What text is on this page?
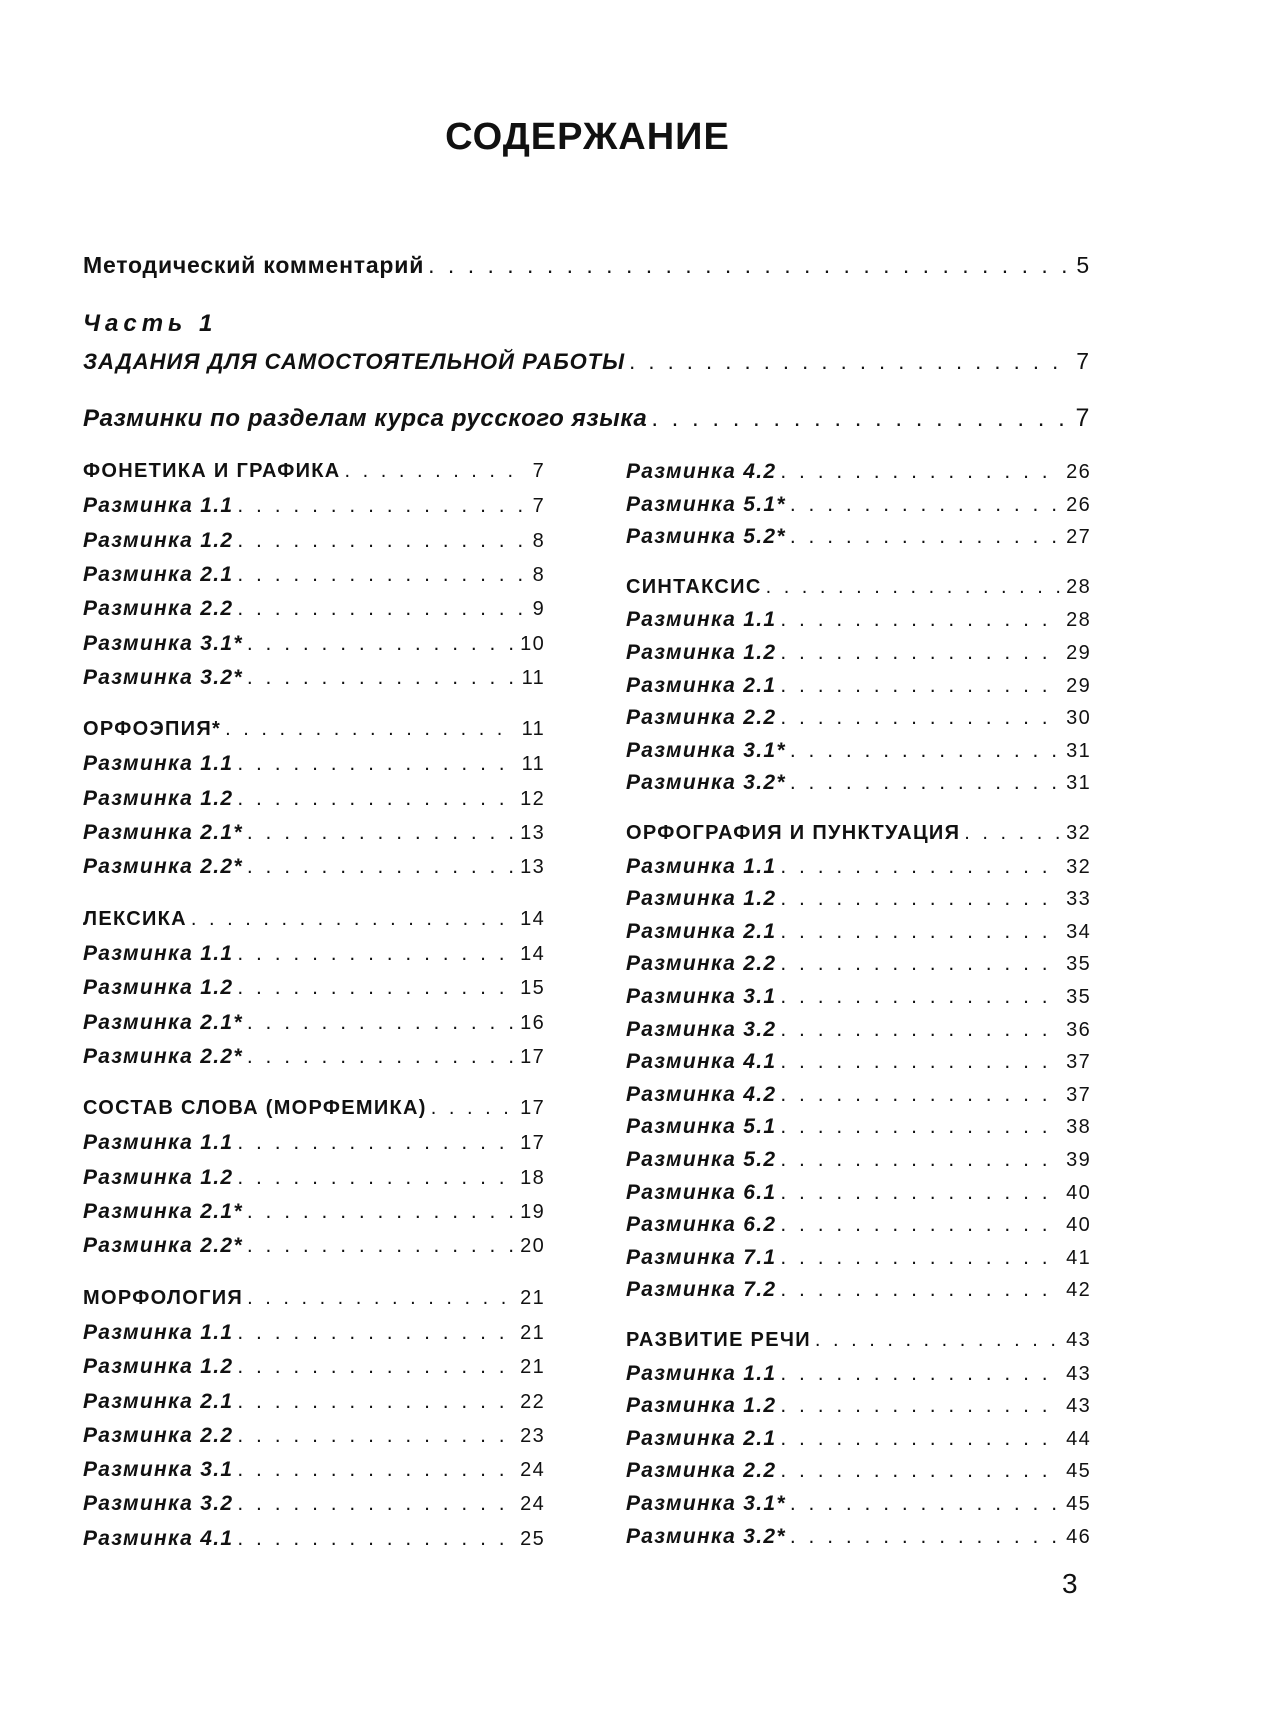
СОДЕРЖАНИЕ
Методический комментарий . . .	5
Часть 1
ЗАДАНИЯ ДЛЯ САМОСТОЯТЕЛЬНОЙ РАБОТЫ . . .	7
Разминки по разделам курса русского языка . . .	7
ФОНЕТИКА И ГРАФИКА . . .	7
Разминка 1.1 . . .	7
Разминка 1.2 . . .	8
Разминка 2.1 . . .	8
Разминка 2.2 . . .	9
Разминка 3.1* . . .	10
Разминка 3.2* . . .	11
ОРФОЭПИЯ* . . .	11
Разминка 1.1 . . .	11
Разминка 1.2 . . .	12
Разминка 2.1* . . .	13
Разминка 2.2* . . .	13
ЛЕКСИКА . . .	14
Разминка 1.1 . . .	14
Разминка 1.2 . . .	15
Разминка 2.1* . . .	16
Разминка 2.2* . . .	17
СОСТАВ СЛОВА (МОРФЕМИКА) . . .	17
Разминка 1.1 . . .	17
Разминка 1.2 . . .	18
Разминка 2.1* . . .	19
Разминка 2.2* . . .	20
МОРФОЛОГИЯ . . .	21
Разминка 1.1 . . .	21
Разминка 1.2 . . .	21
Разминка 2.1 . . .	22
Разминка 2.2 . . .	23
Разминка 3.1 . . .	24
Разминка 3.2 . . .	24
Разминка 4.1 . . .	25
Разминка 4.2 . . .	26
Разминка 5.1* . . .	26
Разминка 5.2* . . .	27
СИНТАКСИС . . .	28
Разминка 1.1 . . .	28
Разминка 1.2 . . .	29
Разминка 2.1 . . .	29
Разминка 2.2 . . .	30
Разминка 3.1* . . .	31
Разминка 3.2* . . .	31
ОРФОГРАФИЯ И ПУНКТУАЦИЯ . . .	32
Разминка 1.1 . . .	32
Разминка 1.2 . . .	33
Разминка 2.1 . . .	34
Разминка 2.2 . . .	35
Разминка 3.1 . . .	35
Разминка 3.2 . . .	36
Разминка 4.1 . . .	37
Разминка 4.2 . . .	37
Разминка 5.1 . . .	38
Разминка 5.2 . . .	39
Разминка 6.1 . . .	40
Разминка 6.2 . . .	40
Разминка 7.1 . . .	41
Разминка 7.2 . . .	42
РАЗВИТИЕ РЕЧИ . . .	43
Разминка 1.1 . . .	43
Разминка 1.2 . . .	43
Разминка 2.1 . . .	44
Разминка 2.2 . . .	45
Разминка 3.1* . . .	45
Разминка 3.2* . . .	46
3
